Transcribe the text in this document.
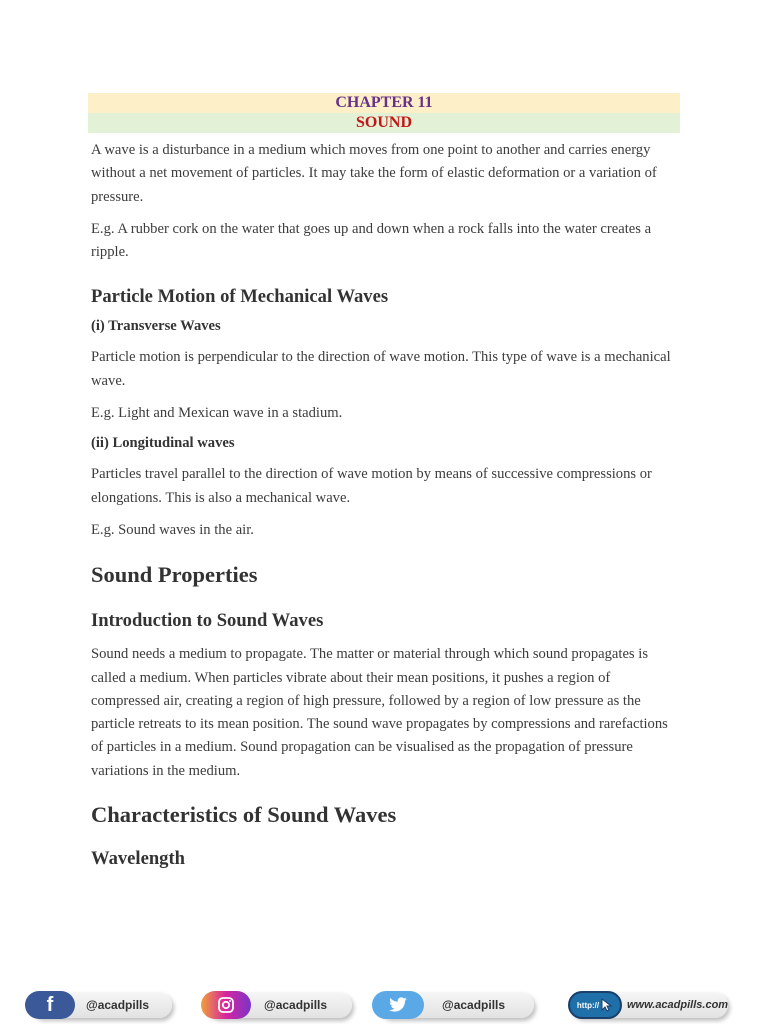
CHAPTER 11
SOUND

A wave is a disturbance in a medium which moves from one point to another and carries energy without a net movement of particles. It may take the form of elastic deformation or a variation of pressure.

E.g. A rubber cork on the water that goes up and down when a rock falls into the water creates a ripple.

Particle Motion of Mechanical Waves
(i) Transverse Waves

Particle motion is perpendicular to the direction of wave motion. This type of wave is a mechanical wave.

E.g. Light and Mexican wave in a stadium.

(ii) Longitudinal waves

Particles travel parallel to the direction of wave motion by means of successive compressions or elongations. This is also a mechanical wave.

E.g. Sound waves in the air.

Sound Properties
Introduction to Sound Waves

Sound needs a medium to propagate. The matter or material through which sound propagates is called a medium. When particles vibrate about their mean positions, it pushes a region of compressed air, creating a region of high pressure, followed by a region of low pressure as the particle retreats to its mean position. The sound wave propagates by compressions and rarefactions of particles in a medium. Sound propagation can be visualised as the propagation of pressure variations in the medium.

Characteristics of Sound Waves
Wavelength
f	@acadpills	@acadpills	@acadpills	http://	www.acadpills.com
